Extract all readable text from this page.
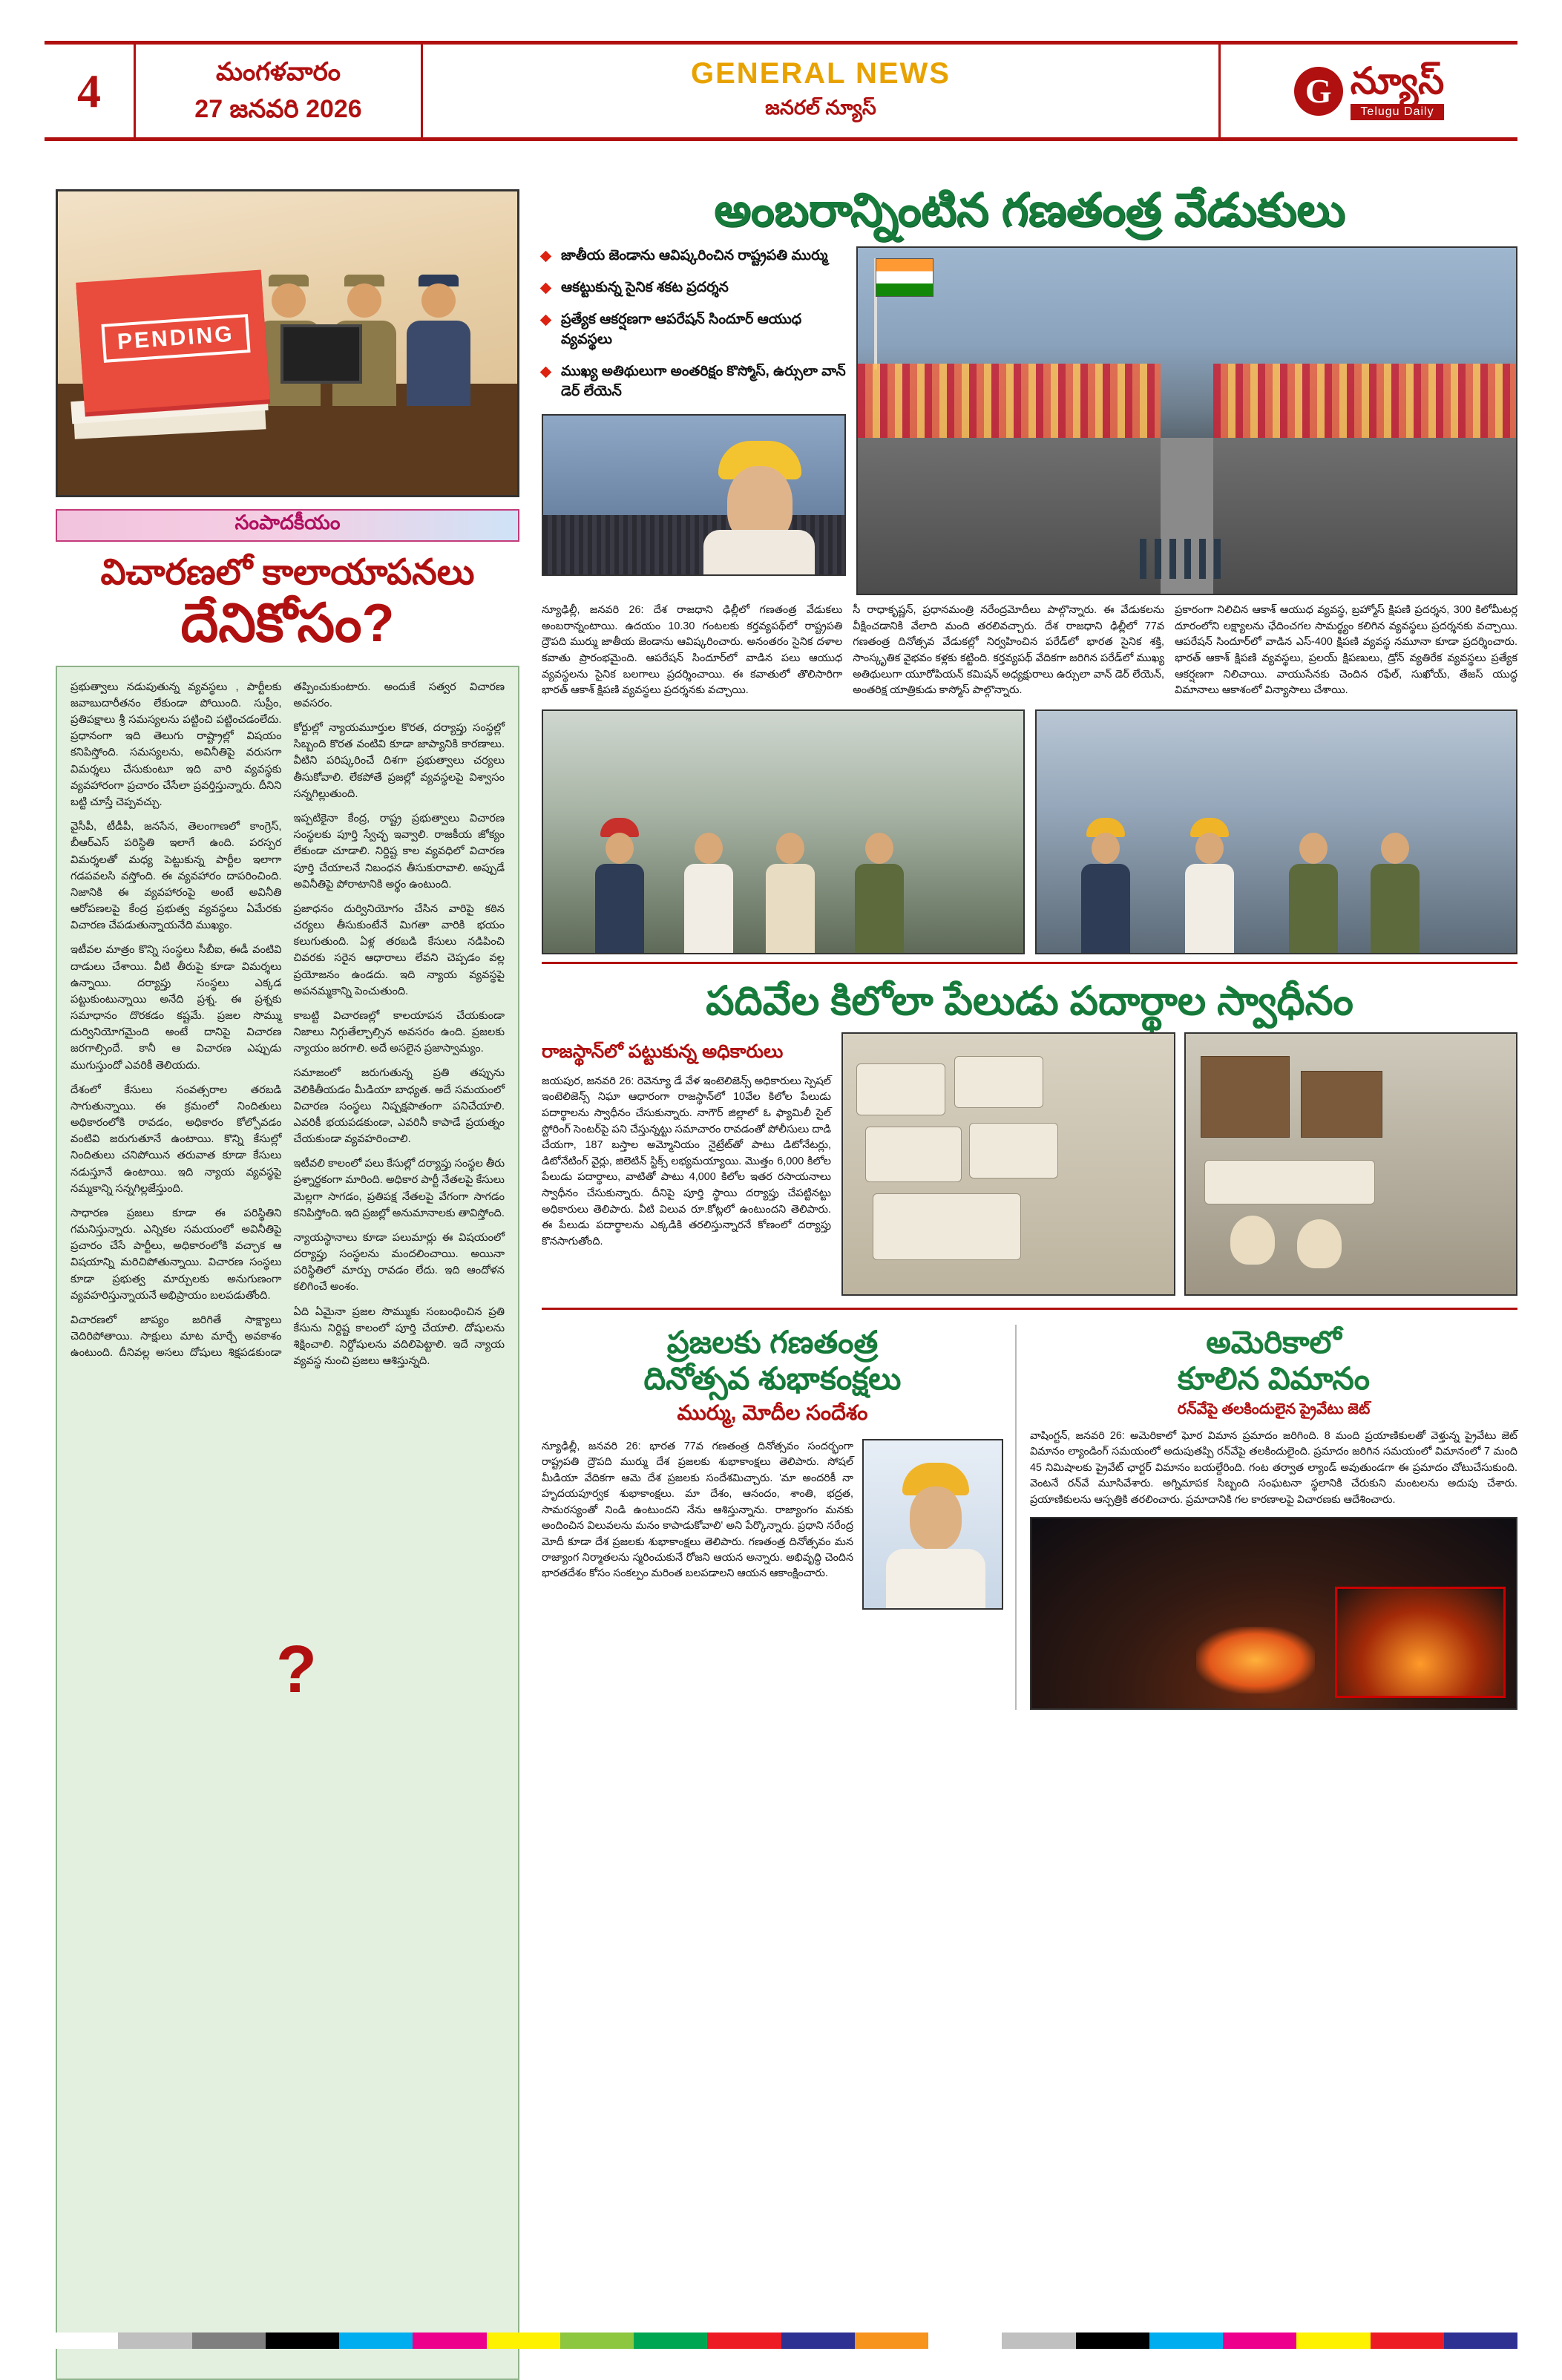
4	మంగళవారం
27 జనవరి 2026
GENERAL NEWS
జనరల్ న్యూస్	G న్యూస్
Telugu Daily
PENDING
సంపాదకీయం
విచారణలో కాలాయాపనలు
దేనికోసం?

ప్రభుత్వాలు నడుపుతున్న వ్యవస్థలు , పార్టీలకు జవాబుదారీతనం లేకుండా పోయింది. సుప్రీం, ప్రతిపక్షాలు శ్రీ సమస్యలను పట్టించి పట్టించడంలేదు. ప్రధానంగా ఇది తెలుగు రాష్ట్రాల్లో విషయం కనిపిస్తోంది. సమస్యలను, అవినీతిపై వరుసగా విమర్శలు చేసుకుంటూ ఇది వారి వ్యవస్థకు వ్యవహారంగా ప్రచారం చేసేలా ప్రవర్తిస్తున్నారు. దీనిని బట్టి చూస్తే చెప్పవచ్చు.

వైసీపీ, టీడీపీ, జనసేన, తెలంగాణలో కాంగ్రెస్, బీఆర్ఎస్ పరిస్థితి ఇలాగే ఉంది. పరస్పర విమర్శలతో మధ్య పెట్టుకున్న పార్టీల ఇలాగా గడపవలసి వస్తోంది. ఈ వ్యవహారం దాపరించింది. నిజానికి ఈ వ్యవహారంపై అంటే అవినీతి ఆరోపణలపై కేంద్ర ప్రభుత్వ వ్యవస్థలు ఏమేరకు విచారణ చేపడుతున్నాయనేది ముఖ్యం.

ఇటీవల మాత్రం కొన్ని సంస్థలు సీబీఐ, ఈడీ వంటివి దాడులు చేశాయి. వీటి తీరుపై కూడా విమర్శలు ఉన్నాయి. దర్యాప్తు సంస్థలు ఎక్కడ పట్టుకుంటున్నాయి అనేది ప్రశ్న. ఈ ప్రశ్నకు సమాధానం దొరకడం కష్టమే. ప్రజల సొమ్ము దుర్వినియోగమైంది అంటే దానిపై విచారణ జరగాల్సిందే. కానీ ఆ విచారణ ఎప్పుడు ముగుస్తుందో ఎవరికీ తెలియదు.

దేశంలో కేసులు సంవత్సరాల తరబడి సాగుతున్నాయి. ఈ క్రమంలో నిందితులు అధికారంలోకి రావడం, అధికారం కోల్పోవడం వంటివి జరుగుతూనే ఉంటాయి. కొన్ని కేసుల్లో నిందితులు చనిపోయిన తరువాత కూడా కేసులు నడుస్తూనే ఉంటాయి. ఇది న్యాయ వ్యవస్థపై నమ్మకాన్ని సన్నగిల్లజేస్తుంది.

సాధారణ ప్రజలు కూడా ఈ పరిస్థితిని గమనిస్తున్నారు. ఎన్నికల సమయంలో అవినీతిపై ప్రచారం చేసే పార్టీలు, అధికారంలోకి వచ్చాక ఆ విషయాన్ని మరిచిపోతున్నాయి. విచారణ సంస్థలు కూడా ప్రభుత్వ మార్పులకు అనుగుణంగా వ్యవహరిస్తున్నాయనే అభిప్రాయం బలపడుతోంది.

విచారణలో జాప్యం జరిగితే సాక్ష్యాలు చెదిరిపోతాయి. సాక్షులు మాట మార్చే అవకాశం ఉంటుంది. దీనివల్ల అసలు దోషులు శిక్షపడకుండా తప్పించుకుంటారు. అందుకే సత్వర విచారణ అవసరం.

కోర్టుల్లో న్యాయమూర్తుల కొరత, దర్యాప్తు సంస్థల్లో సిబ్బంది కొరత వంటివి కూడా జాప్యానికి కారణాలు. వీటిని పరిష్కరించే దిశగా ప్రభుత్వాలు చర్యలు తీసుకోవాలి. లేకపోతే ప్రజల్లో వ్యవస్థలపై విశ్వాసం సన్నగిల్లుతుంది.

ఇప్పటికైనా కేంద్ర, రాష్ట్ర ప్రభుత్వాలు విచారణ సంస్థలకు పూర్తి స్వేచ్ఛ ఇవ్వాలి. రాజకీయ జోక్యం లేకుండా చూడాలి. నిర్దిష్ట కాల వ్యవధిలో విచారణ పూర్తి చేయాలనే నిబంధన తీసుకురావాలి. అప్పుడే అవినీతిపై పోరాటానికి అర్థం ఉంటుంది.

ప్రజాధనం దుర్వినియోగం చేసిన వారిపై కఠిన చర్యలు తీసుకుంటేనే మిగతా వారికి భయం కలుగుతుంది. ఏళ్ల తరబడి కేసులు నడిపించి చివరకు సరైన ఆధారాలు లేవని చెప్పడం వల్ల ప్రయోజనం ఉండదు. ఇది న్యాయ వ్యవస్థపై అపనమ్మకాన్ని పెంచుతుంది.

కాబట్టి విచారణల్లో కాలయాపన చేయకుండా నిజాలు నిగ్గుతేల్చాల్సిన అవసరం ఉంది. ప్రజలకు న్యాయం జరగాలి. అదే అసలైన ప్రజాస్వామ్యం.

సమాజంలో జరుగుతున్న ప్రతి తప్పును వెలికితీయడం మీడియా బాధ్యత. అదే సమయంలో విచారణ సంస్థలు నిష్పక్షపాతంగా పనిచేయాలి. ఎవరికీ భయపడకుండా, ఎవరినీ కాపాడే ప్రయత్నం చేయకుండా వ్యవహరించాలి.

ఇటీవలి కాలంలో పలు కేసుల్లో దర్యాప్తు సంస్థల తీరు ప్రశ్నార్థకంగా మారింది. అధికార పార్టీ నేతలపై కేసులు మెల్లగా సాగడం, ప్రతిపక్ష నేతలపై వేగంగా సాగడం కనిపిస్తోంది. ఇది ప్రజల్లో అనుమానాలకు తావిస్తోంది.

న్యాయస్థానాలు కూడా పలుమార్లు ఈ విషయంలో దర్యాప్తు సంస్థలను మందలించాయి. అయినా పరిస్థితిలో మార్పు రావడం లేదు. ఇది ఆందోళన కలిగించే అంశం.

ఏది ఏమైనా ప్రజల సొమ్ముకు సంబంధించిన ప్రతి కేసును నిర్దిష్ట కాలంలో పూర్తి చేయాలి. దోషులను శిక్షించాలి. నిర్దోషులను వదిలిపెట్టాలి. ఇదే న్యాయ వ్యవస్థ నుంచి ప్రజలు ఆశిస్తున్నది.

?
అంబరాన్నింటిన గణతంత్ర వేడుకులు
జాతీయ జెండాను ఆవిష్కరించిన రాష్ట్రపతి ముర్ము
ఆకట్టుకున్న సైనిక శకట ప్రదర్శన
ప్రత్యేక ఆకర్షణగా ఆపరేషన్ సిందూర్ ఆయుధ వ్యవస్థలు
ముఖ్య అతిథులుగా అంతరిక్షం కొస్మోస్, ఉర్సులా వాన్ డెర్ లేయెన్
న్యూఢిల్లీ, జనవరి 26: దేశ రాజధాని ఢిల్లీలో గణతంత్ర వేడుకలు అంబరాన్నంటాయి. ఉదయం 10.30 గంటలకు కర్తవ్యపథ్‌లో రాష్ట్రపతి ద్రౌపది ముర్ము జాతీయ జెండాను ఆవిష్కరించారు. అనంతరం సైనిక దళాల కవాతు ప్రారంభమైంది. ఆపరేషన్ సిందూర్‌లో వాడిన పలు ఆయుధ వ్యవస్థలను సైనిక బలగాలు ప్రదర్శించాయి. ఈ కవాతులో తొలిసారిగా భారత్ ఆకాశ్ క్షిపణి వ్యవస్థలు ప్రదర్శనకు వచ్చాయి.
సీ రాధాకృష్ణన్, ప్రధానమంత్రి నరేంద్రమోదీలు పాల్గొన్నారు. ఈ వేడుకలను వీక్షించడానికి వేలాది మంది తరలివచ్చారు. దేశ రాజధాని ఢిల్లీలో 77వ గణతంత్ర దినోత్సవ వేడుకల్లో నిర్వహించిన పరేడ్‌లో భారత సైనిక శక్తి, సాంస్కృతిక వైభవం కళ్లకు కట్టింది. కర్తవ్యపథ్ వేదికగా జరిగిన పరేడ్‌లో ముఖ్య అతిథులుగా యూరోపియన్ కమిషన్ అధ్యక్షురాలు ఉర్సులా వాన్ డెర్ లేయెన్, అంతరిక్ష యాత్రికుడు కాస్మోస్ పాల్గొన్నారు.
ప్రకారంగా నిలిచిన ఆకాశ్ ఆయుధ వ్యవస్థ, బ్రహ్మోస్ క్షిపణి ప్రదర్శన, 300 కిలోమీటర్ల దూరంలోని లక్ష్యాలను ఛేదించగల సామర్థ్యం కలిగిన వ్యవస్థలు ప్రదర్శనకు వచ్చాయి. ఆపరేషన్ సిందూర్‌లో వాడిన ఎస్-400 క్షిపణి వ్యవస్థ నమూనా కూడా ప్రదర్శించారు. భారత్ ఆకాశ్ క్షిపణి వ్యవస్థలు, ప్రలయ్ క్షిపణులు, డ్రోన్ వ్యతిరేక వ్యవస్థలు ప్రత్యేక ఆకర్షణగా నిలిచాయి. వాయుసేనకు చెందిన రఫేల్, సుఖోయ్, తేజస్ యుద్ధ విమానాలు ఆకాశంలో విన్యాసాలు చేశాయి.
పదివేల కిలోలా పేలుడు పదార్థాల స్వాధీనం
రాజస్థాన్‌లో పట్టుకున్న అధికారులు
జయపుర, జనవరి 26: రెవెన్యూ డే వేళ ఇంటెలిజెన్స్ అధికారులు స్పెషల్ ఇంటెలిజెన్స్ నిఘా ఆధారంగా రాజస్థాన్‌లో 10వేల కిలోల పేలుడు పదార్థాలను స్వాధీనం చేసుకున్నారు. నాగౌర్ జిల్లాలో ఓ ఫ్యామిలీ సైల్ స్టోరింగ్ సెంటర్‌పై పని చేస్తున్నట్టు సమాచారం రావడంతో పోలీసులు దాడి చేయగా, 187 బస్తాల అమ్మోనియం నైట్రేట్‌తో పాటు డిటోనేటర్లు, డిటోనేటింగ్ వైర్లు, జిలెటిన్ స్టిక్స్ లభ్యమయ్యాయి. మొత్తం 6,000 కిలోల పేలుడు పదార్థాలు, వాటితో పాటు 4,000 కిలోల ఇతర రసాయనాలు స్వాధీనం చేసుకున్నారు. దీనిపై పూర్తి స్థాయి దర్యాప్తు చేపట్టినట్టు అధికారులు తెలిపారు. వీటి విలువ రూ.కోట్లలో ఉంటుందని తెలిపారు. ఈ పేలుడు పదార్థాలను ఎక్కడికి తరలిస్తున్నారనే కోణంలో దర్యాప్తు కొనసాగుతోంది.
ప్రజలకు గణతంత్ర
దినోత్సవ శుభాకంక్షలు
ముర్ము, మోదీల సందేశం
న్యూఢిల్లీ, జనవరి 26: భారత 77వ గణతంత్ర దినోత్సవం సందర్భంగా రాష్ట్రపతి ద్రౌపది ముర్ము దేశ ప్రజలకు శుభాకాంక్షలు తెలిపారు. సోషల్ మీడియా వేదికగా ఆమె దేశ ప్రజలకు సందేశమిచ్చారు. 'మా అందరికీ నా హృదయపూర్వక శుభాకాంక్షలు. మా దేశం, ఆనందం, శాంతి, భద్రత, సామరస్యంతో నిండి ఉంటుందని నేను ఆశిస్తున్నాను. రాజ్యాంగం మనకు అందించిన విలువలను మనం కాపాడుకోవాలి' అని పేర్కొన్నారు. ప్రధాని నరేంద్ర మోదీ కూడా దేశ ప్రజలకు శుభాకాంక్షలు తెలిపారు. గణతంత్ర దినోత్సవం మన రాజ్యాంగ నిర్మాతలను స్మరించుకునే రోజని ఆయన అన్నారు. అభివృద్ధి చెందిన భారతదేశం కోసం సంకల్పం మరింత బలపడాలని ఆయన ఆకాంక్షించారు.
అమెరికాలో
కూలిన విమానం
రన్‌వేపై తలకిందులైన ప్రైవేటు జెట్
వాషింగ్టన్, జనవరి 26: అమెరికాలో ఘోర విమాన ప్రమాదం జరిగింది. 8 మంది ప్రయాణికులతో వెళ్తున్న ప్రైవేటు జెట్ విమానం ల్యాండింగ్ సమయంలో అదుపుతప్పి రన్‌వేపై తలకిందులైంది. ప్రమాదం జరిగిన సమయంలో విమానంలో 7 మంది 45 నిమిషాలకు ప్రైవేట్ ఛార్టర్ విమానం బయల్దేరింది. గంట తర్వాత ల్యాండ్ అవుతుండగా ఈ ప్రమాదం చోటుచేసుకుంది. వెంటనే రన్‌వే మూసివేశారు. అగ్నిమాపక సిబ్బంది సంఘటనా స్థలానికి చేరుకుని మంటలను అదుపు చేశారు. ప్రయాణికులను ఆస్పత్రికి తరలించారు. ప్రమాదానికి గల కారణాలపై విచారణకు ఆదేశించారు.
